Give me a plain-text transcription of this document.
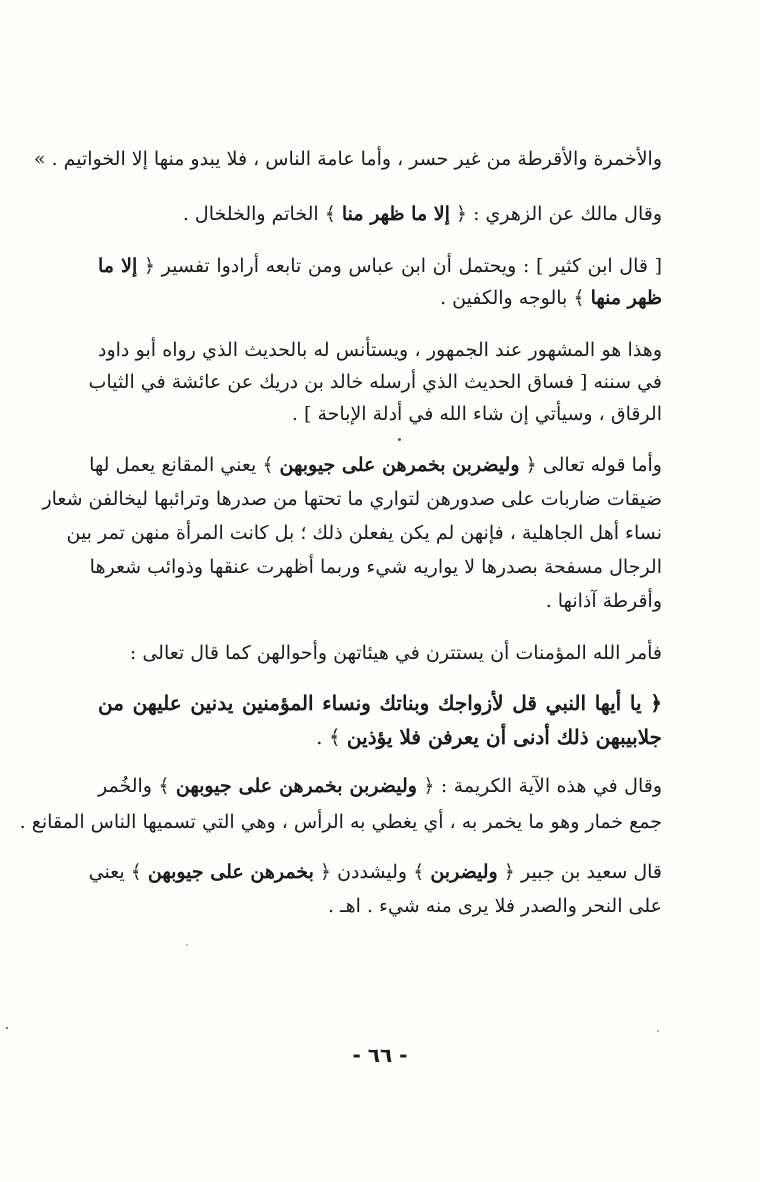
والأخمرة والأقرطة من غير حسر ، وأما عامة الناس ، فلا يبدو منها إلا الخواتيم . »

وقال مالك عن الزهري : ﴿ إلا ما ظهر منا ﴾ الخاتم والخلخال .

[ قال ابن كثير ] : ويحتمل أن ابن عباس ومن تابعه أرادوا تفسير ﴿ إلا ما

ظهر منها ﴾ بالوجه والكفين .

وهذا هو المشهور عند الجمهور ، ويستأنس له بالحديث الذي رواه أبو داود

في سننه [ فساق الحديث الذي أرسله خالد بن دريك عن عائشة في الثياب

الرقاق ، وسيأتي إن شاء الله في أدلة الإباحة ] .

وأما قوله تعالى ﴿ وليضربن بخمرهن على جيوبهن ﴾ يعني المقانع يعمل لها

ضيقات ضاربات على صدورهن لتواري ما تحتها من صدرها وترائبها ليخالفن شعار

نساء أهل الجاهلية ، فإنهن لم يكن يفعلن ذلك ؛ بل كانت المرأة منهن تمر بين

الرجال مسفحة بصدرها لا يواريه شيء وربما أظهرت عنقها وذوائب شعرها

وأقرطة آذانها .

فأمر الله المؤمنات أن يستترن في هيئاتهن وأحوالهن كما قال تعالى :

﴿ يا أيها النبي قل لأزواجك وبناتك ونساء المؤمنين يدنين عليهن من

جلابيبهن ذلك أدنى أن يعرفن فلا يؤذين ﴾ .

وقال في هذه الآية الكريمة : ﴿ وليضربن بخمرهن على جيوبهن ﴾ والخُمر

جمع خمار وهو ما يخمر به ، أي يغطي به الرأس ، وهي التي تسميها الناس المقانع .

قال سعيد بن جبير ﴿ وليضربن ﴾ وليشددن ﴿ بخمرهن على جيوبهن ﴾ يعني

على النحر والصدر فلا يرى منه شيء . اهـ .

- ٦٦ -
